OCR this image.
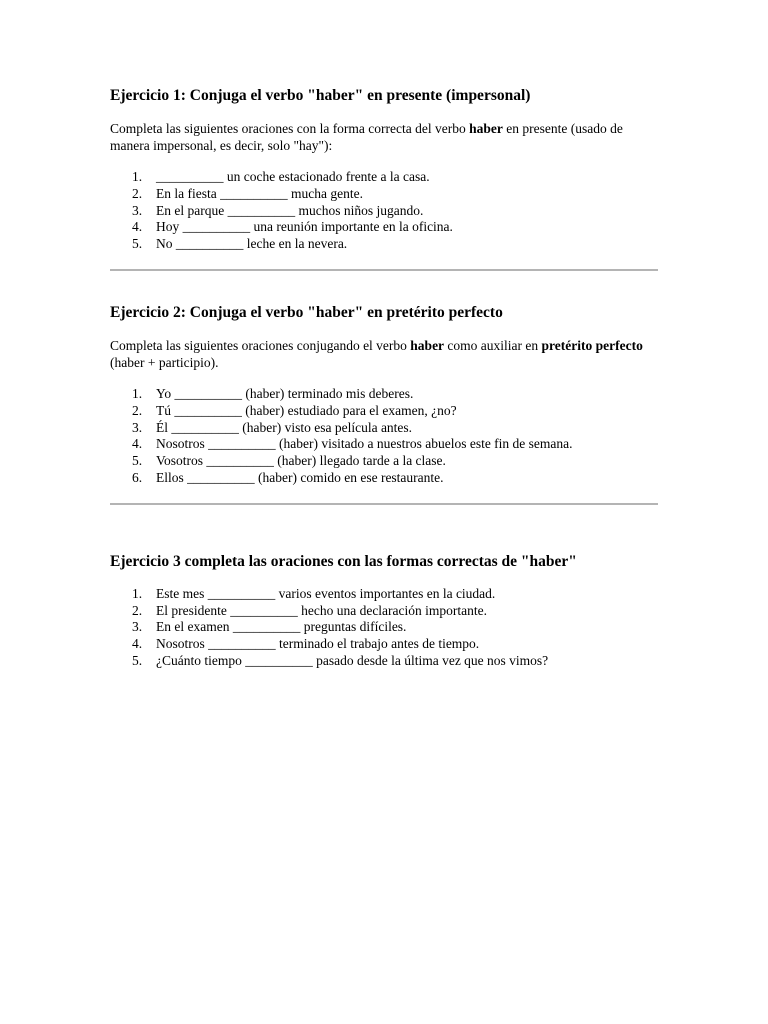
Ejercicio 1: Conjuga el verbo "haber" en presente (impersonal)

Completa las siguientes oraciones con la forma correcta del verbo haber en presente (usado de manera impersonal, es decir, solo "hay"):

1.	__________ un coche estacionado frente a la casa.
2.	En la fiesta __________ mucha gente.
3.	En el parque __________ muchos niños jugando.
4.	Hoy __________ una reunión importante en la oficina.
5.	No __________ leche en la nevera.
Ejercicio 2: Conjuga el verbo "haber" en pretérito perfecto

Completa las siguientes oraciones conjugando el verbo haber como auxiliar en pretérito perfecto (haber + participio).

1.	Yo __________ (haber) terminado mis deberes.
2.	Tú __________ (haber) estudiado para el examen, ¿no?
3.	Él __________ (haber) visto esa película antes.
4.	Nosotros __________ (haber) visitado a nuestros abuelos este fin de semana.
5.	Vosotros __________ (haber) llegado tarde a la clase.
6.	Ellos __________ (haber) comido en ese restaurante.
Ejercicio 3 completa las oraciones con las formas correctas de "haber"
1.	Este mes __________ varios eventos importantes en la ciudad.
2.	El presidente __________ hecho una declaración importante.
3.	En el examen __________ preguntas difíciles.
4.	Nosotros __________ terminado el trabajo antes de tiempo.
5.	¿Cuánto tiempo __________ pasado desde la última vez que nos vimos?
